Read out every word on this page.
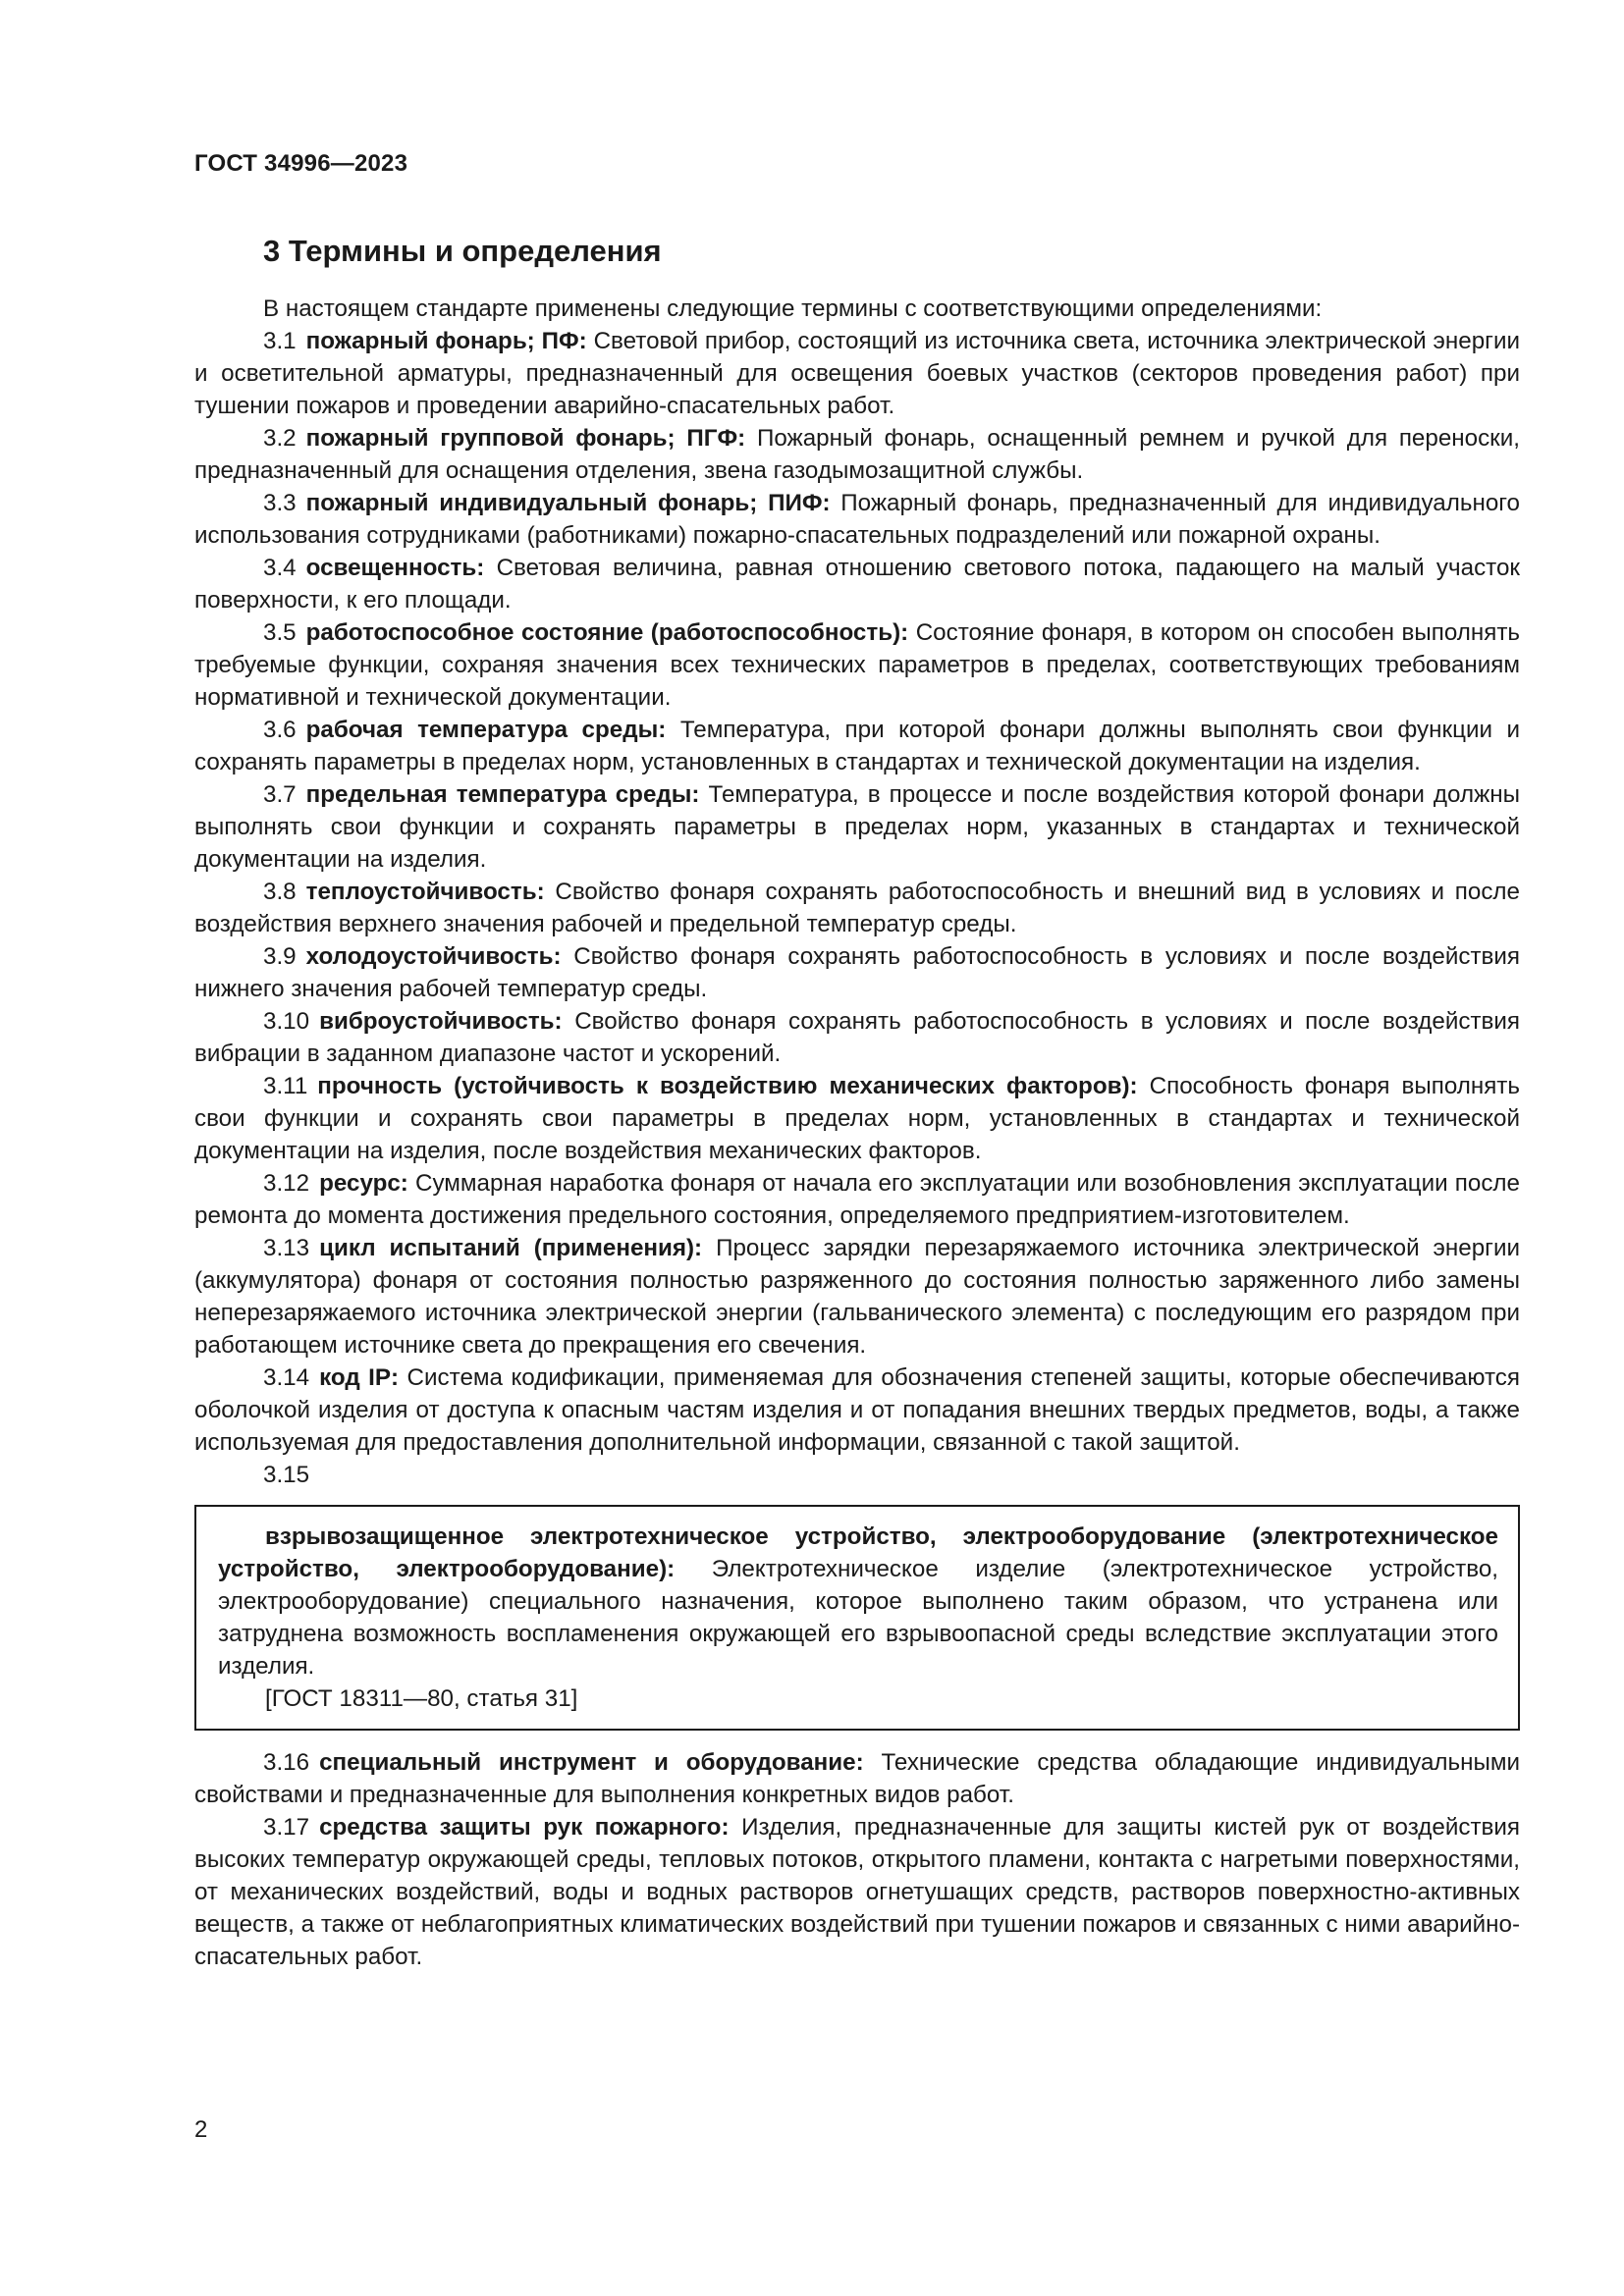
ГОСТ 34996—2023
3 Термины и определения

В настоящем стандарте применены следующие термины с соответствующими определениями:

3.1 пожарный фонарь; ПФ: Световой прибор, состоящий из источника света, источника электрической энергии и осветительной арматуры, предназначенный для освещения боевых участков (секторов проведения работ) при тушении пожаров и проведении аварийно-спасательных работ.

3.2 пожарный групповой фонарь; ПГФ: Пожарный фонарь, оснащенный ремнем и ручкой для переноски, предназначенный для оснащения отделения, звена газодымозащитной службы.

3.3 пожарный индивидуальный фонарь; ПИФ: Пожарный фонарь, предназначенный для индивидуального использования сотрудниками (работниками) пожарно-спасательных подразделений или пожарной охраны.

3.4 освещенность: Световая величина, равная отношению светового потока, падающего на малый участок поверхности, к его площади.

3.5 работоспособное состояние (работоспособность): Состояние фонаря, в котором он способен выполнять требуемые функции, сохраняя значения всех технических параметров в пределах, соответствующих требованиям нормативной и технической документации.

3.6 рабочая температура среды: Температура, при которой фонари должны выполнять свои функции и сохранять параметры в пределах норм, установленных в стандартах и технической документации на изделия.

3.7 предельная температура среды: Температура, в процессе и после воздействия которой фонари должны выполнять свои функции и сохранять параметры в пределах норм, указанных в стандартах и технической документации на изделия.

3.8 теплоустойчивость: Свойство фонаря сохранять работоспособность и внешний вид в условиях и после воздействия верхнего значения рабочей и предельной температур среды.

3.9 холодоустойчивость: Свойство фонаря сохранять работоспособность в условиях и после воздействия нижнего значения рабочей температур среды.

3.10 виброустойчивость: Свойство фонаря сохранять работоспособность в условиях и после воздействия вибрации в заданном диапазоне частот и ускорений.

3.11 прочность (устойчивость к воздействию механических факторов): Способность фонаря выполнять свои функции и сохранять свои параметры в пределах норм, установленных в стандартах и технической документации на изделия, после воздействия механических факторов.

3.12 ресурс: Суммарная наработка фонаря от начала его эксплуатации или возобновления эксплуатации после ремонта до момента достижения предельного состояния, определяемого предприятием-изготовителем.

3.13 цикл испытаний (применения): Процесс зарядки перезаряжаемого источника электрической энергии (аккумулятора) фонаря от состояния полностью разряженного до состояния полностью заряженного либо замены неперезаряжаемого источника электрической энергии (гальванического элемента) с последующим его разрядом при работающем источнике света до прекращения его свечения.

3.14 код IP: Система кодификации, применяемая для обозначения степеней защиты, которые обеспечиваются оболочкой изделия от доступа к опасным частям изделия и от попадания внешних твердых предметов, воды, а также используемая для предоставления дополнительной информации, связанной с такой защитой.

3.15

взрывозащищенное электротехническое устройство, электрооборудование (электротехническое устройство, электрооборудование): Электротехническое изделие (электротехническое устройство, электрооборудование) специального назначения, которое выполнено таким образом, что устранена или затруднена возможность воспламенения окружающей его взрывоопасной среды вследствие эксплуатации этого изделия.

[ГОСТ 18311—80, статья 31]

3.16 специальный инструмент и оборудование: Технические средства обладающие индивидуальными свойствами и предназначенные для выполнения конкретных видов работ.

3.17 средства защиты рук пожарного: Изделия, предназначенные для защиты кистей рук от воздействия высоких температур окружающей среды, тепловых потоков, открытого пламени, контакта с нагретыми поверхностями, от механических воздействий, воды и водных растворов огнетушащих средств, растворов поверхностно-активных веществ, а также от неблагоприятных климатических воздействий при тушении пожаров и связанных с ними аварийно-спасательных работ.

2
